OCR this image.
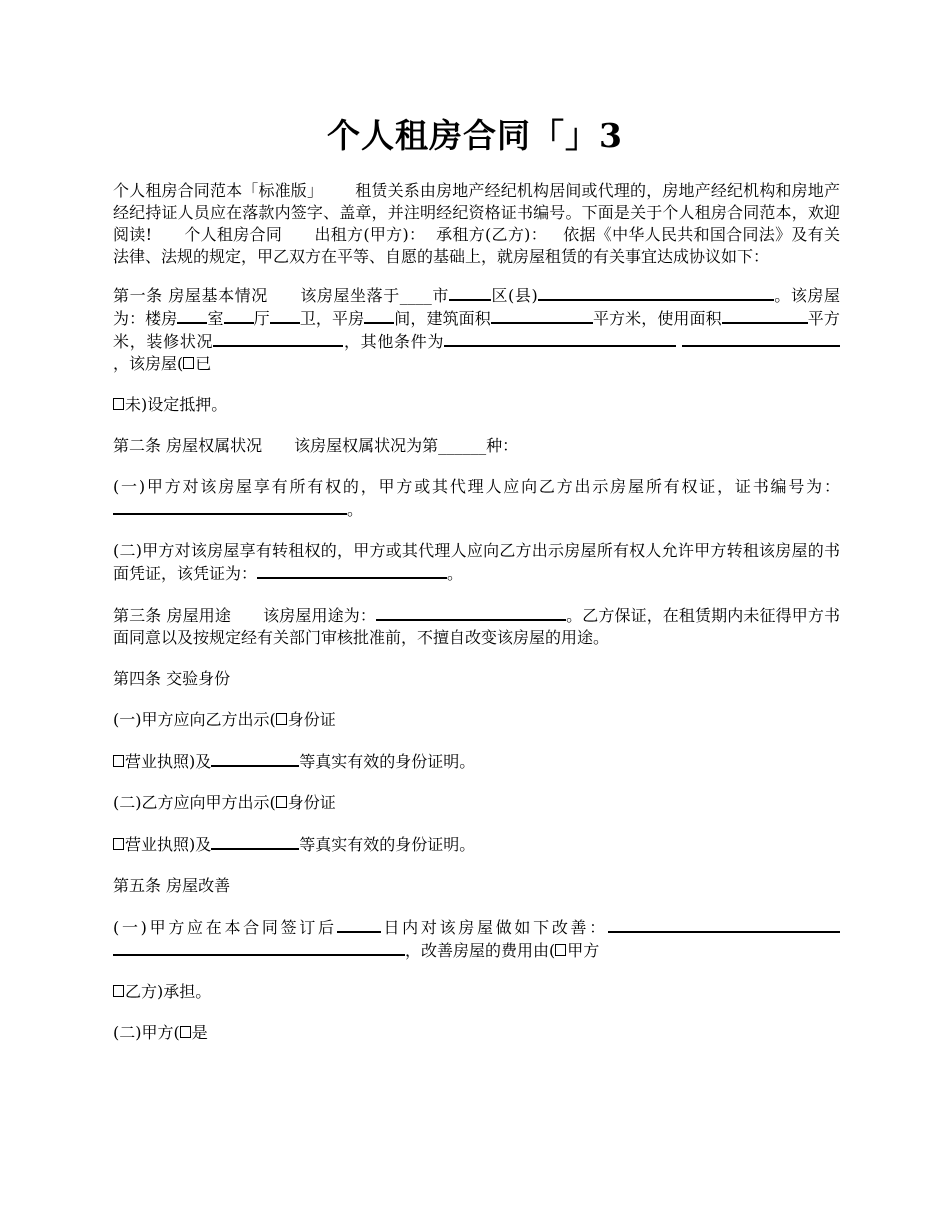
个人租房合同「」3

个人租房合同范本「标准版」 租赁关系由房地产经纪机构居间或代理的，房地产经纪机构和房地产经纪持证人员应在落款内签字、盖章，并注明经纪资格证书编号。下面是关于个人租房合同范本，欢迎阅读! 个人租房合同 出租方(甲方)： 承租方(乙方)： 依据《中华人民共和国合同法》及有关法律、法规的规定，甲乙双方在平等、自愿的基础上，就房屋租赁的有关事宜达成协议如下：

第一条 房屋基本情况 该房屋坐落于____市	区(县)	。该房屋为：楼房 室 厅 卫，平房 间，建筑面积	平方米，使用面积	平方米，装修状况	，其他条件为 ，该房屋( 已

未)设定抵押。

第二条 房屋权属状况 该房屋权属状况为第______种：

(一)甲方对该房屋享有所有权的，甲方或其代理人应向乙方出示房屋所有权证，证书编号为：。

(二)甲方对该房屋享有转租权的，甲方或其代理人应向乙方出示房屋所有权人允许甲方转租该房屋的书面凭证，该凭证为：	。

第三条 房屋用途 该房屋用途为：	。乙方保证，在租赁期内未征得甲方书面同意以及按规定经有关部门审核批准前，不擅自改变该房屋的用途。

第四条 交验身份

(一)甲方应向乙方出示( 身份证

营业执照)及	等真实有效的身份证明。

(二)乙方应向甲方出示( 身份证

营业执照)及	等真实有效的身份证明。

第五条 房屋改善

(一)甲方应在本合同签订后	日内对该房屋做如下改善： ，改善房屋的费用由( 甲方

乙方)承担。

(二)甲方( 是
